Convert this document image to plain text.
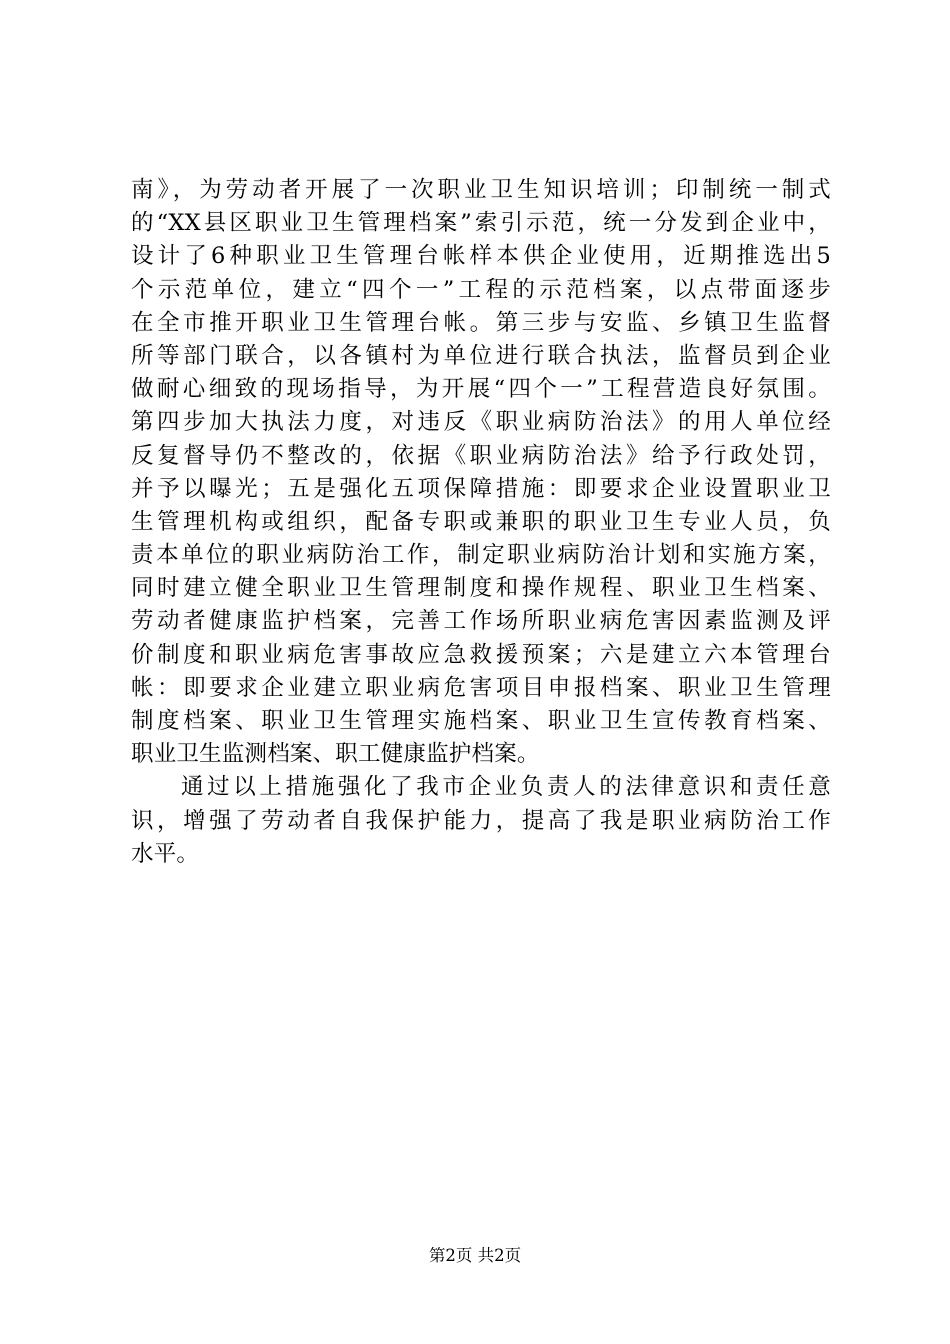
南》，为劳动者开展了一次职业卫生知识培训；印制统一制式
的“XX县区职业卫生管理档案”索引示范，统一分发到企业中，
设计了6种职业卫生管理台帐样本供企业使用，近期推选出5
个示范单位，建立“四个一”工程的示范档案，以点带面逐步
在全市推开职业卫生管理台帐。第三步与安监、乡镇卫生监督
所等部门联合，以各镇村为单位进行联合执法，监督员到企业
做耐心细致的现场指导，为开展“四个一”工程营造良好氛围。
第四步加大执法力度，对违反《职业病防治法》的用人单位经
反复督导仍不整改的，依据《职业病防治法》给予行政处罚，
并予以曝光；五是强化五项保障措施：即要求企业设置职业卫
生管理机构或组织，配备专职或兼职的职业卫生专业人员，负
责本单位的职业病防治工作，制定职业病防治计划和实施方案，
同时建立健全职业卫生管理制度和操作规程、职业卫生档案、
劳动者健康监护档案，完善工作场所职业病危害因素监测及评
价制度和职业病危害事故应急救援预案；六是建立六本管理台
帐：即要求企业建立职业病危害项目申报档案、职业卫生管理
制度档案、职业卫生管理实施档案、职业卫生宣传教育档案、
职业卫生监测档案、职工健康监护档案。
通过以上措施强化了我市企业负责人的法律意识和责任意
识，增强了劳动者自我保护能力，提高了我是职业病防治工作
水平。
第2页 共2页
